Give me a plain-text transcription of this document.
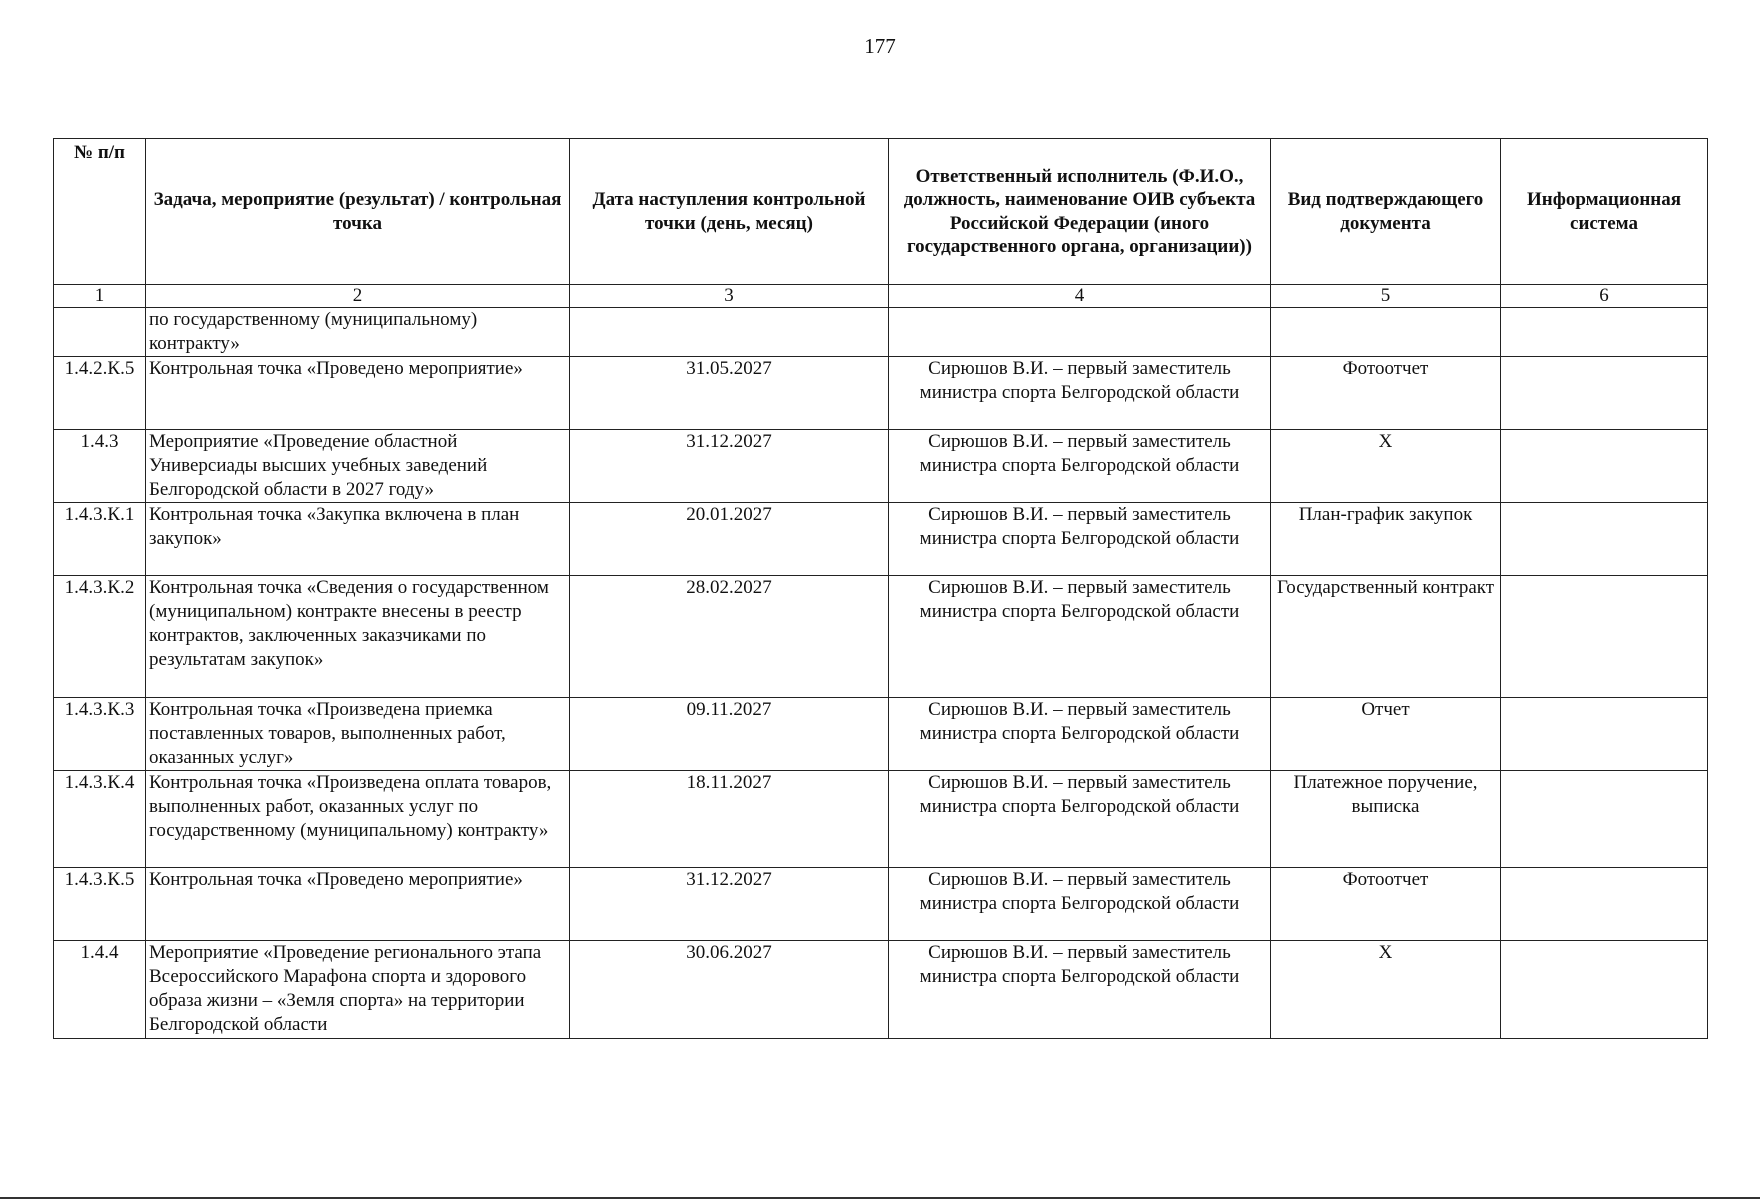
177
№ п/п	Задача, мероприятие (результат) / контрольная точка	Дата наступления контрольной точки (день, месяц)	Ответственный исполнитель (Ф.И.О., должность, наименование ОИВ субъекта Российской Федерации (иного государственного органа, организации))	Вид подтверждающего документа	Информационная система
1	2	3	4	5	6
	по государственному (муниципальному) контракту»				
1.4.2.К.5	Контрольная точка «Проведено мероприятие»	31.05.2027	Сирюшов В.И. – первый заместитель министра спорта Белгородской области	Фотоотчет	
1.4.3	Мероприятие «Проведение областной Универсиады высших учебных заведений Белгородской области в 2027 году»	31.12.2027	Сирюшов В.И. – первый заместитель министра спорта Белгородской области	Х	
1.4.3.К.1	Контрольная точка «Закупка включена в план закупок»	20.01.2027	Сирюшов В.И. – первый заместитель министра спорта Белгородской области	План-график закупок	
1.4.3.К.2	Контрольная точка «Сведения о государственном (муниципальном) контракте внесены в реестр контрактов, заключенных заказчиками по результатам закупок»	28.02.2027	Сирюшов В.И. – первый заместитель министра спорта Белгородской области	Государственный контракт	
1.4.3.К.3	Контрольная точка «Произведена приемка поставленных товаров, выполненных работ, оказанных услуг»	09.11.2027	Сирюшов В.И. – первый заместитель министра спорта Белгородской области	Отчет	
1.4.3.К.4	Контрольная точка «Произведена оплата товаров, выполненных работ, оказанных услуг по государственному (муниципальному) контракту»	18.11.2027	Сирюшов В.И. – первый заместитель министра спорта Белгородской области	Платежное поручение, выписка	
1.4.3.К.5	Контрольная точка «Проведено мероприятие»	31.12.2027	Сирюшов В.И. – первый заместитель министра спорта Белгородской области	Фотоотчет	
1.4.4	Мероприятие «Проведение регионального этапа Всероссийского Марафона спорта и здорового образа жизни – «Земля спорта» на территории Белгородской области	30.06.2027	Сирюшов В.И. – первый заместитель министра спорта Белгородской области	Х	
